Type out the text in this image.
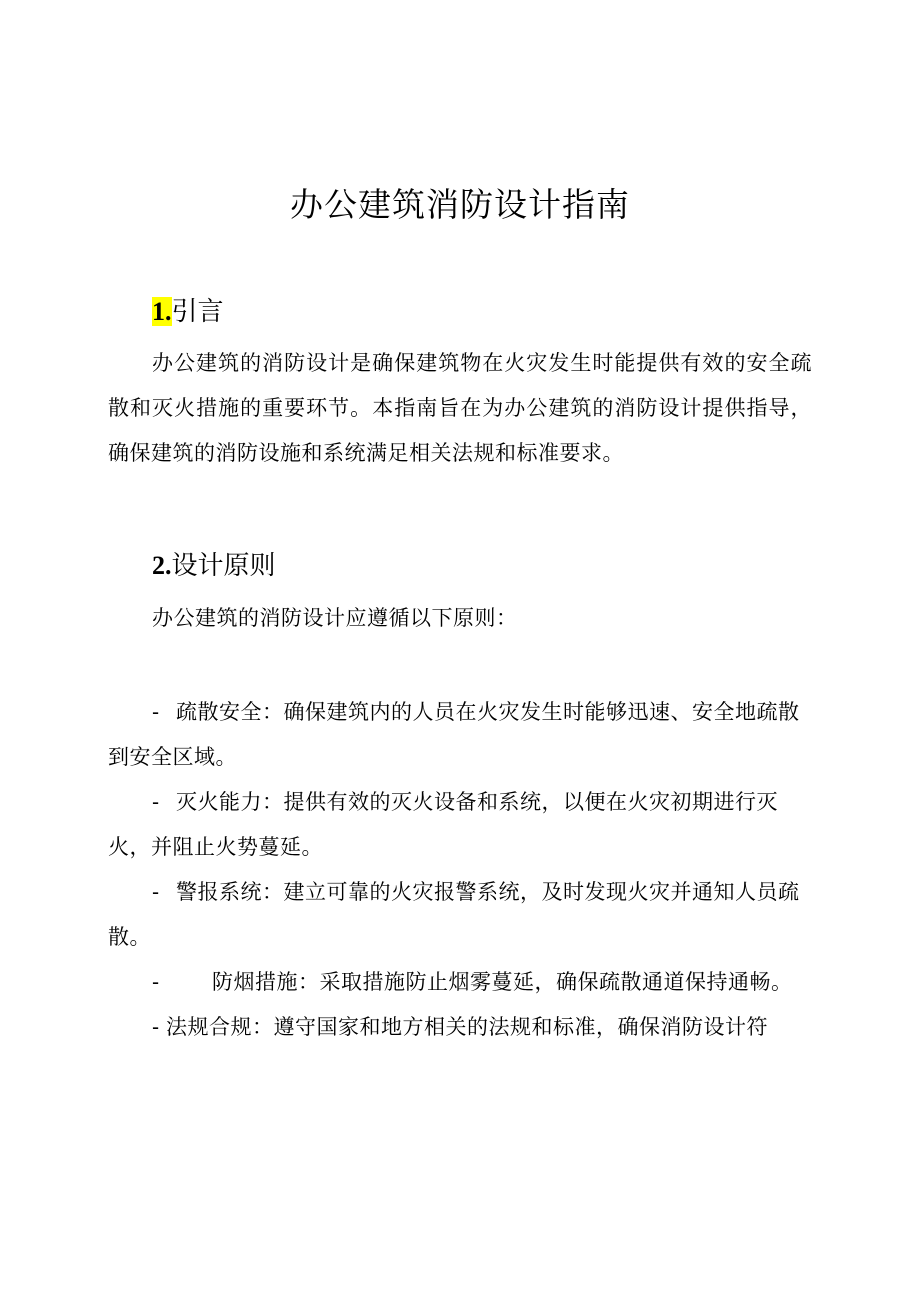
办公建筑消防设计指南
1.引言

办公建筑的消防设计是确保建筑物在火灾发生时能提供有效的安全疏散和灭火措施的重要环节。本指南旨在为办公建筑的消防设计提供指导，确保建筑的消防设施和系统满足相关法规和标准要求。

2.设计原则

办公建筑的消防设计应遵循以下原则：

- 疏散安全：确保建筑内的人员在火灾发生时能够迅速、安全地疏散到安全区域。
- 灭火能力：提供有效的灭火设备和系统，以便在火灾初期进行灭火，并阻止火势蔓延。
- 警报系统：建立可靠的火灾报警系统，及时发现火灾并通知人员疏散。
- 防烟措施：采取措施防止烟雾蔓延，确保疏散通道保持通畅。
- 法规合规：遵守国家和地方相关的法规和标准，确保消防设计符
